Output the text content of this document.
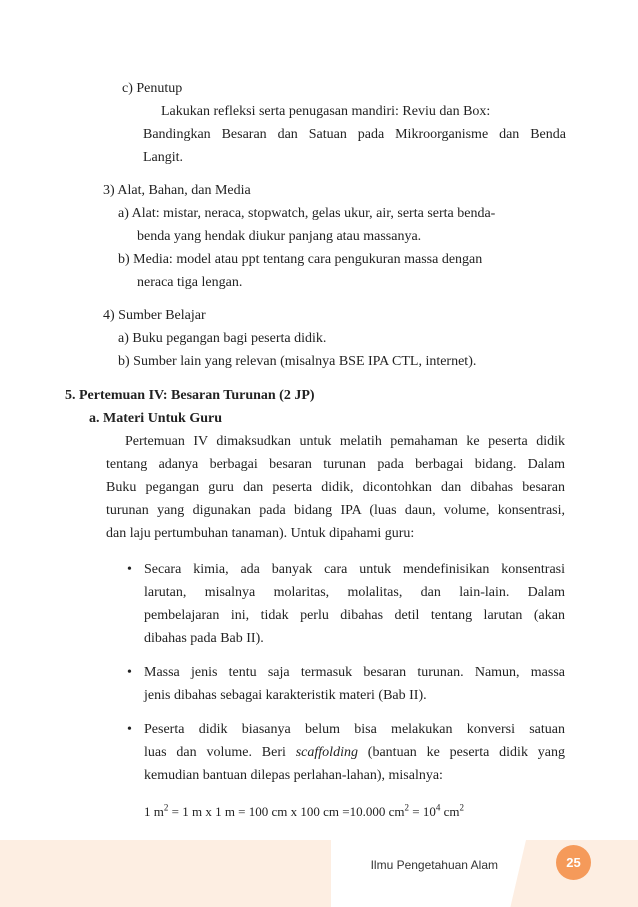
c) Penutup

Lakukan refleksi serta penugasan mandiri: Reviu dan Box:

Bandingkan Besaran dan Satuan pada Mikroorganisme dan Benda

Langit.

3) Alat, Bahan, dan Media

a) Alat: mistar, neraca, stopwatch, gelas ukur, air, serta serta benda-

benda yang hendak diukur panjang atau massanya.

b) Media: model atau ppt tentang cara pengukuran massa dengan

neraca tiga lengan.

4) Sumber Belajar

a) Buku pegangan bagi peserta didik.

b) Sumber lain yang relevan (misalnya BSE IPA CTL, internet).

5. Pertemuan IV: Besaran Turunan (2 JP)

a. Materi Untuk Guru

Pertemuan IV dimaksudkan untuk melatih pemahaman ke peserta didik

tentang adanya berbagai besaran turunan pada berbagai bidang. Dalam

Buku pegangan guru dan peserta didik, dicontohkan dan dibahas besaran

turunan yang digunakan pada bidang IPA (luas daun, volume, konsentrasi,

dan laju pertumbuhan tanaman). Untuk dipahami guru:

• Secara kimia, ada banyak cara untuk mendefinisikan konsentrasi

larutan, misalnya molaritas, molalitas, dan lain-lain. Dalam

pembelajaran ini, tidak perlu dibahas detil tentang larutan (akan

dibahas pada Bab II).

• Massa jenis tentu saja termasuk besaran turunan. Namun, massa

jenis dibahas sebagai karakteristik materi (Bab II).

• Peserta didik biasanya belum bisa melakukan konversi satuan

luas dan volume. Beri scaffolding (bantuan ke peserta didik yang

kemudian bantuan dilepas perlahan-lahan), misalnya:

1 $m^2 = 1$ m x 1 m = 100 cm x 100 cm =10.000 $cm^2 = 10^4$ $cm^2$

Ilmu Pengetahuan Alam	25
